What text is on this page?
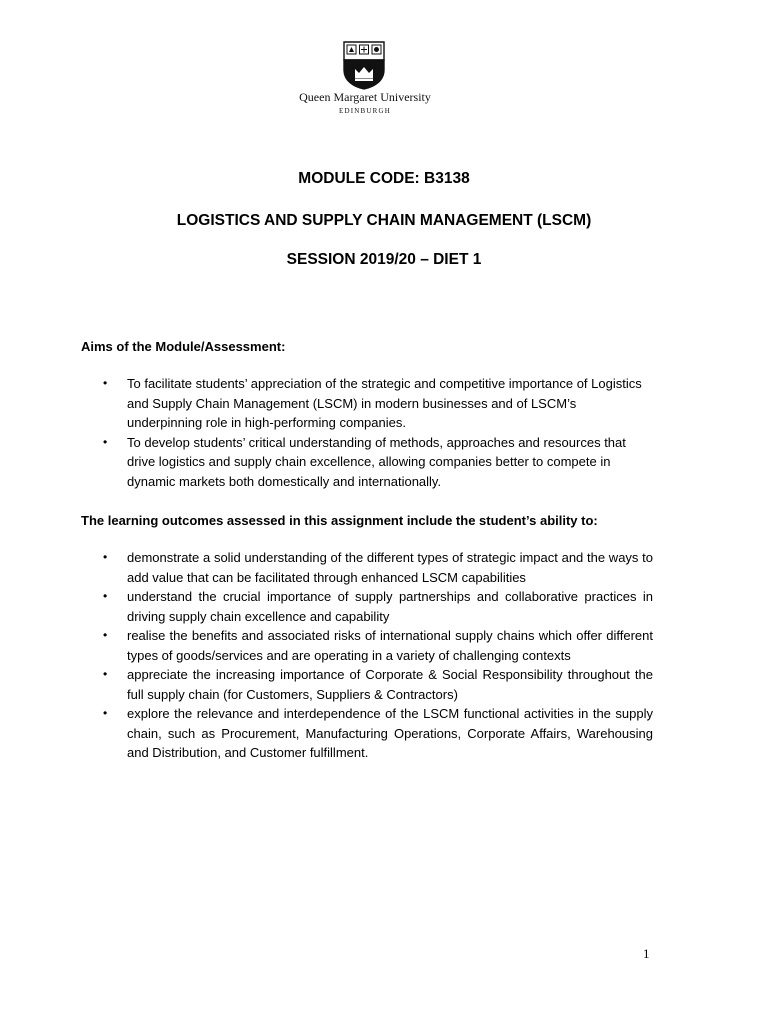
Queen Margaret University
EDINBURGH
MODULE CODE: B3138
LOGISTICS AND SUPPLY CHAIN MANAGEMENT (LSCM)
SESSION 2019/20 – DIET 1
Aims of the Module/Assessment:
• To facilitate students’ appreciation of the strategic and competitive importance of Logistics and Supply Chain Management (LSCM) in modern businesses and of LSCM’s underpinning role in high-performing companies.
• To develop students’ critical understanding of methods, approaches and resources that drive logistics and supply chain excellence, allowing companies better to compete in dynamic markets both domestically and internationally.
The learning outcomes assessed in this assignment include the student’s ability to:
• demonstrate a solid understanding of the different types of strategic impact and the ways to add value that can be facilitated through enhanced LSCM capabilities
• understand the crucial importance of supply partnerships and collaborative practices in driving supply chain excellence and capability
• realise the benefits and associated risks of international supply chains which offer different types of goods/services and are operating in a variety of challenging contexts
• appreciate the increasing importance of Corporate & Social Responsibility throughout the full supply chain (for Customers, Suppliers & Contractors)
• explore the relevance and interdependence of the LSCM functional activities in the supply chain, such as Procurement, Manufacturing Operations, Corporate Affairs, Warehousing and Distribution, and Customer fulfillment.
1
